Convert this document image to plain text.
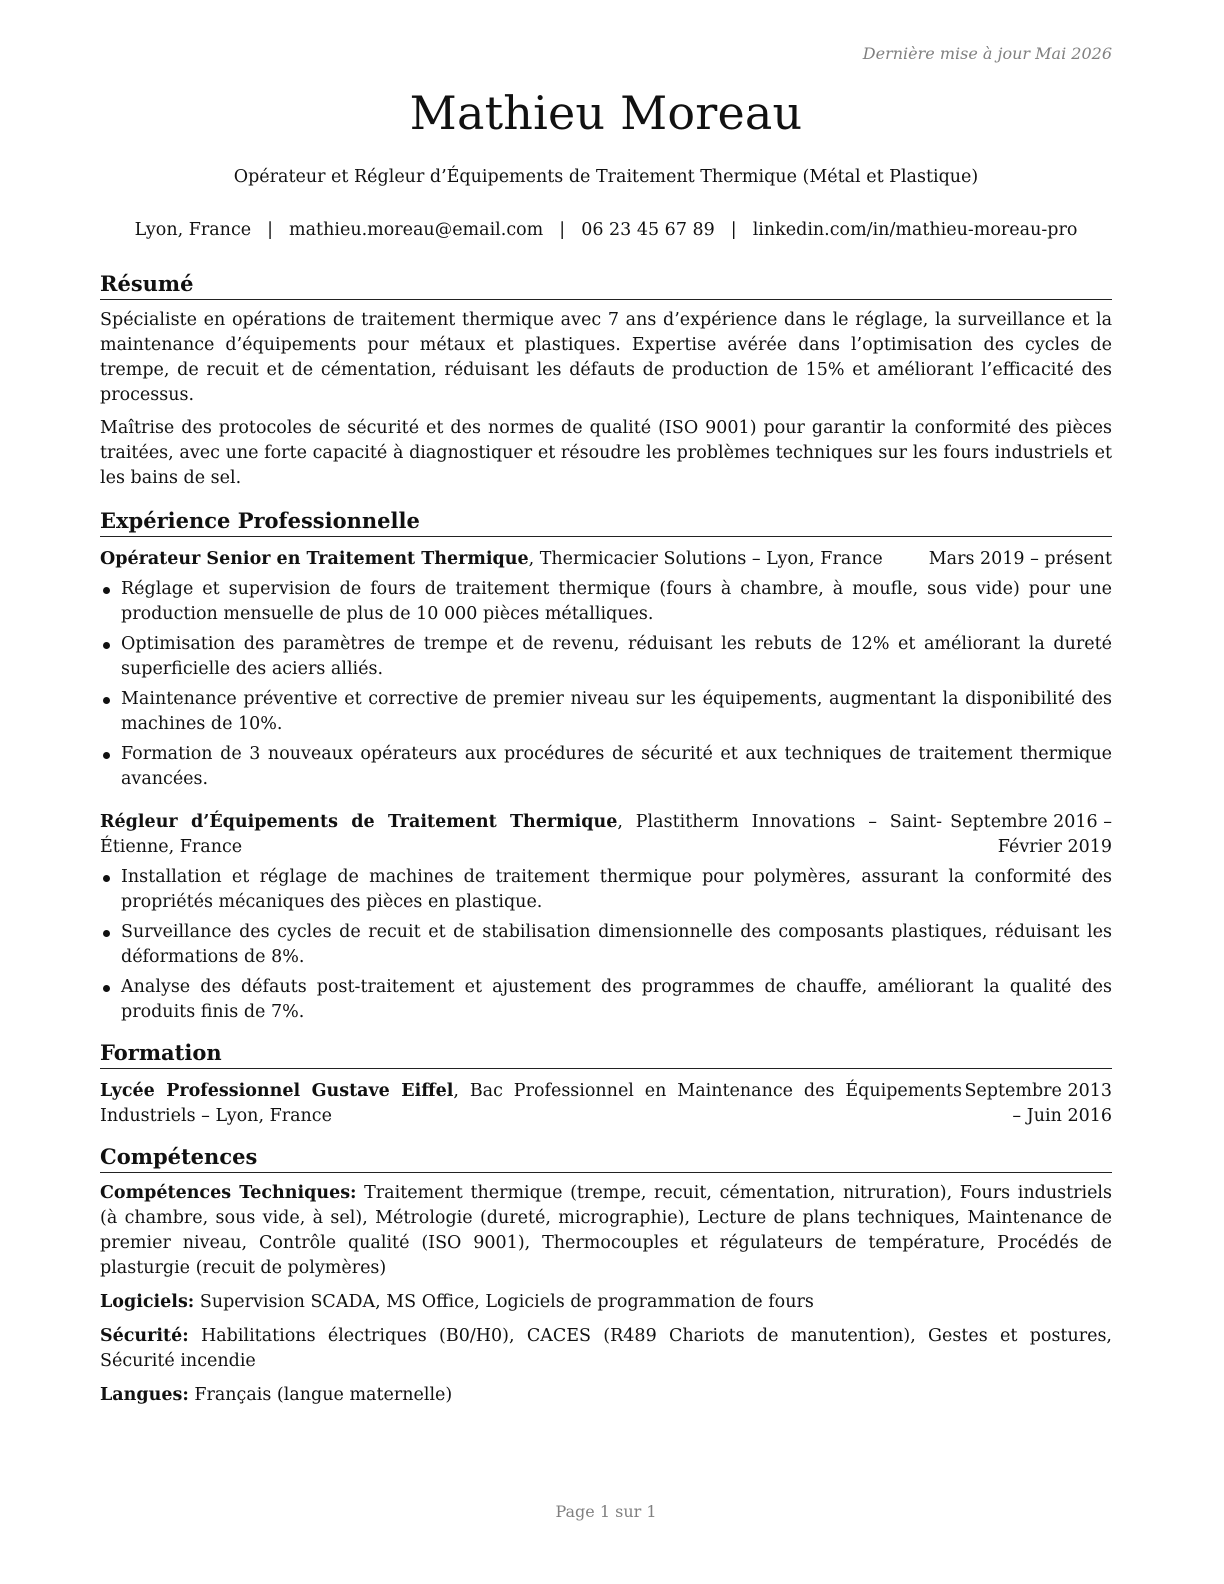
Dernière mise à jour Mai 2026
Mathieu Moreau
Opérateur et Régleur d’Équipements de Traitement Thermique (Métal et Plastique)
Lyon, France | mathieu.moreau@email.com | 06 23 45 67 89 | linkedin.com/in/mathieu-moreau-pro
Résumé

Spécialiste en opérations de traitement thermique avec 7 ans d’expérience dans le réglage, la surveillance et la maintenance d’équipements pour métaux et plastiques. Expertise avérée dans l’optimisation des cycles de trempe, de recuit et de cémentation, réduisant les défauts de production de 15% et améliorant l’efficacité des processus.

Maîtrise des protocoles de sécurité et des normes de qualité (ISO 9001) pour garantir la conformité des pièces traitées, avec une forte capacité à diagnostiquer et résoudre les problèmes techniques sur les fours industriels et les bains de sel.

Expérience Professionnelle
Opérateur Senior en Traitement Thermique, Thermicacier Solutions – Lyon, France	Mars 2019 – présent
Réglage et supervision de fours de traitement thermique (fours à chambre, à moufle, sous vide) pour une production mensuelle de plus de 10 000 pièces métalliques.
Optimisation des paramètres de trempe et de revenu, réduisant les rebuts de 12% et améliorant la dureté superficielle des aciers alliés.
Maintenance préventive et corrective de premier niveau sur les équipements, augmentant la disponibilité des machines de 10%.
Formation de 3 nouveaux opérateurs aux procédures de sécurité et aux techniques de traitement thermique avancées.
Régleur d’Équipements de Traitement Thermique, Plastitherm Innovations – Saint-Étienne, France
Septembre 2016 – Février 2019
Installation et réglage de machines de traitement thermique pour polymères, assurant la conformité des propriétés mécaniques des pièces en plastique.
Surveillance des cycles de recuit et de stabilisation dimensionnelle des composants plastiques, réduisant les déformations de 8%.
Analyse des défauts post-traitement et ajustement des programmes de chauffe, améliorant la qualité des produits finis de 7%.
Formation
Lycée Professionnel Gustave Eiffel, Bac Professionnel en Maintenance des Équipements Industriels – Lyon, France
Septembre 2013 – Juin 2016
Compétences

Compétences Techniques: Traitement thermique (trempe, recuit, cémentation, nitruration), Fours industriels (à chambre, sous vide, à sel), Métrologie (dureté, micrographie), Lecture de plans techniques, Maintenance de premier niveau, Contrôle qualité (ISO 9001), Thermocouples et régulateurs de température, Procédés de plasturgie (recuit de polymères)

Logiciels: Supervision SCADA, MS Office, Logiciels de programmation de fours

Sécurité: Habilitations électriques (B0/H0), CACES (R489 Chariots de manutention), Gestes et postures, Sécurité incendie

Langues: Français (langue maternelle)

Page 1 sur 1
